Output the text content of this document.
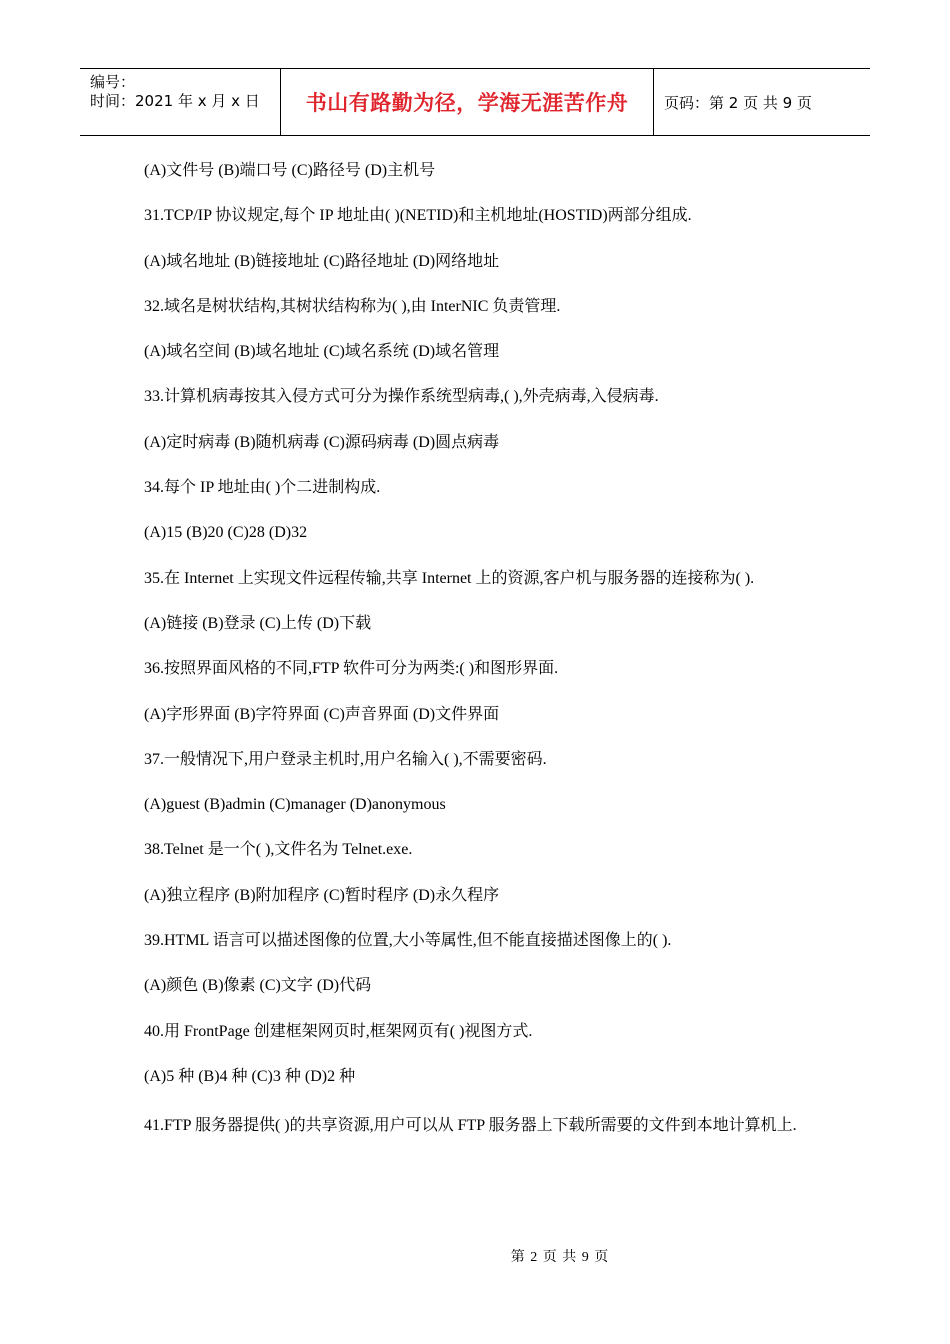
编号：
时间：2021 年 x 月 x 日	书山有路勤为径，学海无涯苦作舟	页码：第 2 页 共 9 页
(A)文件号 (B)端口号 (C)路径号 (D)主机号
31.TCP/IP 协议规定,每个 IP 地址由( )(NETID)和主机地址(HOSTID)两部分组成.
(A)域名地址 (B)链接地址 (C)路径地址 (D)网络地址
32.域名是树状结构,其树状结构称为( ),由 InterNIC 负责管理.
(A)域名空间 (B)域名地址 (C)域名系统 (D)域名管理
33.计算机病毒按其入侵方式可分为操作系统型病毒,( ),外壳病毒,入侵病毒.
(A)定时病毒 (B)随机病毒 (C)源码病毒 (D)圆点病毒
34.每个 IP 地址由( )个二进制构成.
(A)15 (B)20 (C)28 (D)32
35.在 Internet 上实现文件远程传输,共享 Internet 上的资源,客户机与服务器的连接称为( ).
(A)链接 (B)登录 (C)上传 (D)下载
36.按照界面风格的不同,FTP 软件可分为两类:( )和图形界面.
(A)字形界面 (B)字符界面 (C)声音界面 (D)文件界面
37.一般情况下,用户登录主机时,用户名输入( ),不需要密码.
(A)guest (B)admin (C)manager (D)anonymous
38.Telnet 是一个( ),文件名为 Telnet.exe.
(A)独立程序 (B)附加程序 (C)暂时程序 (D)永久程序
39.HTML 语言可以描述图像的位置,大小等属性,但不能直接描述图像上的( ).
(A)颜色 (B)像素 (C)文字 (D)代码
40.用 FrontPage 创建框架网页时,框架网页有( )视图方式.
(A)5 种 (B)4 种 (C)3 种 (D)2 种
41.FTP 服务器提供( )的共享资源,用户可以从 FTP 服务器上下载所需要的文件到本地计算机上.
第 2 页 共 9 页
